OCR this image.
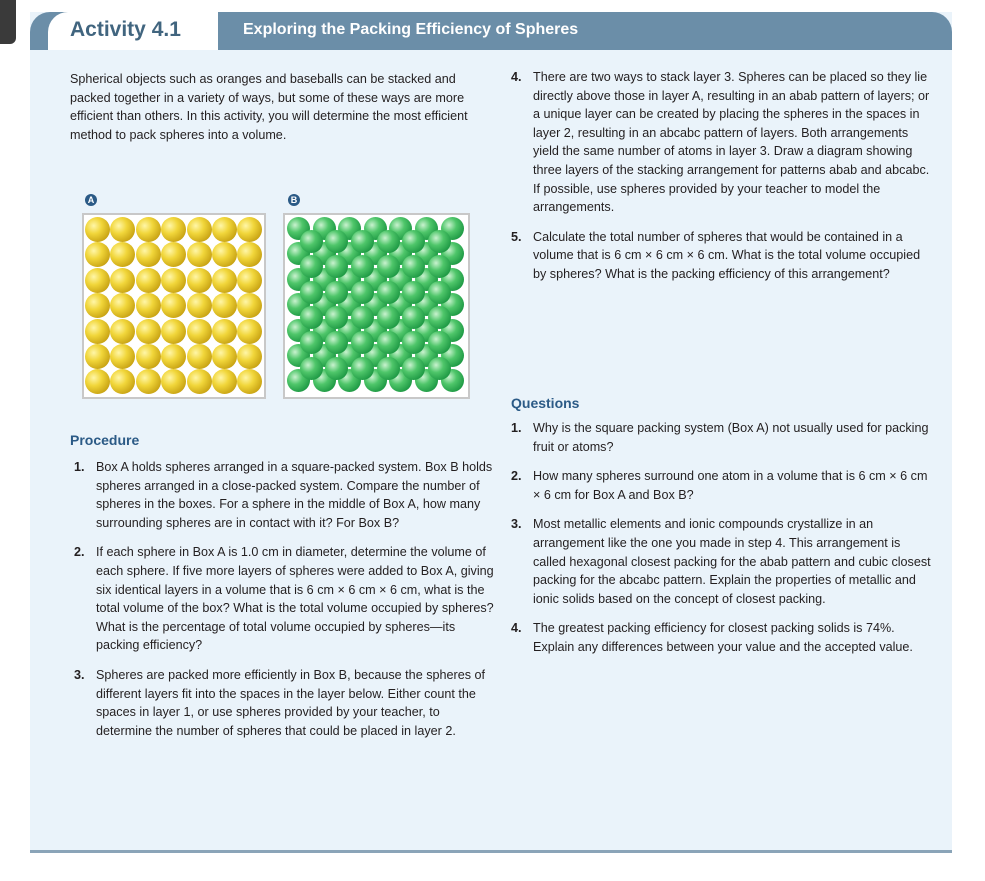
Activity 4.1	Exploring the Packing Efficiency of Spheres

Spherical objects such as oranges and baseballs can be stacked and packed together in a variety of ways, but some of these ways are more efficient than others. In this activity, you will determine the most efficient method to pack spheres into a volume.

A	B
Procedure
1. Box A holds spheres arranged in a square-packed system. Box B holds spheres arranged in a close-packed system. Compare the number of spheres in the boxes. For a sphere in the middle of Box A, how many surrounding spheres are in contact with it? For Box B?
2. If each sphere in Box A is 1.0 cm in diameter, determine the volume of each sphere. If five more layers of spheres were added to Box A, giving six identical layers in a volume that is 6 cm × 6 cm × 6 cm, what is the total volume of the box? What is the total volume occupied by spheres? What is the percentage of total volume occupied by spheres—its packing efficiency?
3. Spheres are packed more efficiently in Box B, because the spheres of different layers fit into the spaces in the layer below. Either count the spaces in layer 1, or use spheres provided by your teacher, to determine the number of spheres that could be placed in layer 2.
4. There are two ways to stack layer 3. Spheres can be placed so they lie directly above those in layer A, resulting in an abab pattern of layers; or a unique layer can be created by placing the spheres in the spaces in layer 2, resulting in an abcabc pattern of layers. Both arrangements yield the same number of atoms in layer 3. Draw a diagram showing three layers of the stacking arrangement for patterns abab and abcabc. If possible, use spheres provided by your teacher to model the arrangements.
5. Calculate the total number of spheres that would be contained in a volume that is 6 cm × 6 cm × 6 cm. What is the total volume occupied by spheres? What is the packing efficiency of this arrangement?
Questions
1. Why is the square packing system (Box A) not usually used for packing fruit or atoms?
2. How many spheres surround one atom in a volume that is 6 cm × 6 cm × 6 cm for Box A and Box B?
3. Most metallic elements and ionic compounds crystallize in an arrangement like the one you made in step 4. This arrangement is called hexagonal closest packing for the abab pattern and cubic closest packing for the abcabc pattern. Explain the properties of metallic and ionic solids based on the concept of closest packing.
4. The greatest packing efficiency for closest packing solids is 74%. Explain any differences between your value and the accepted value.
